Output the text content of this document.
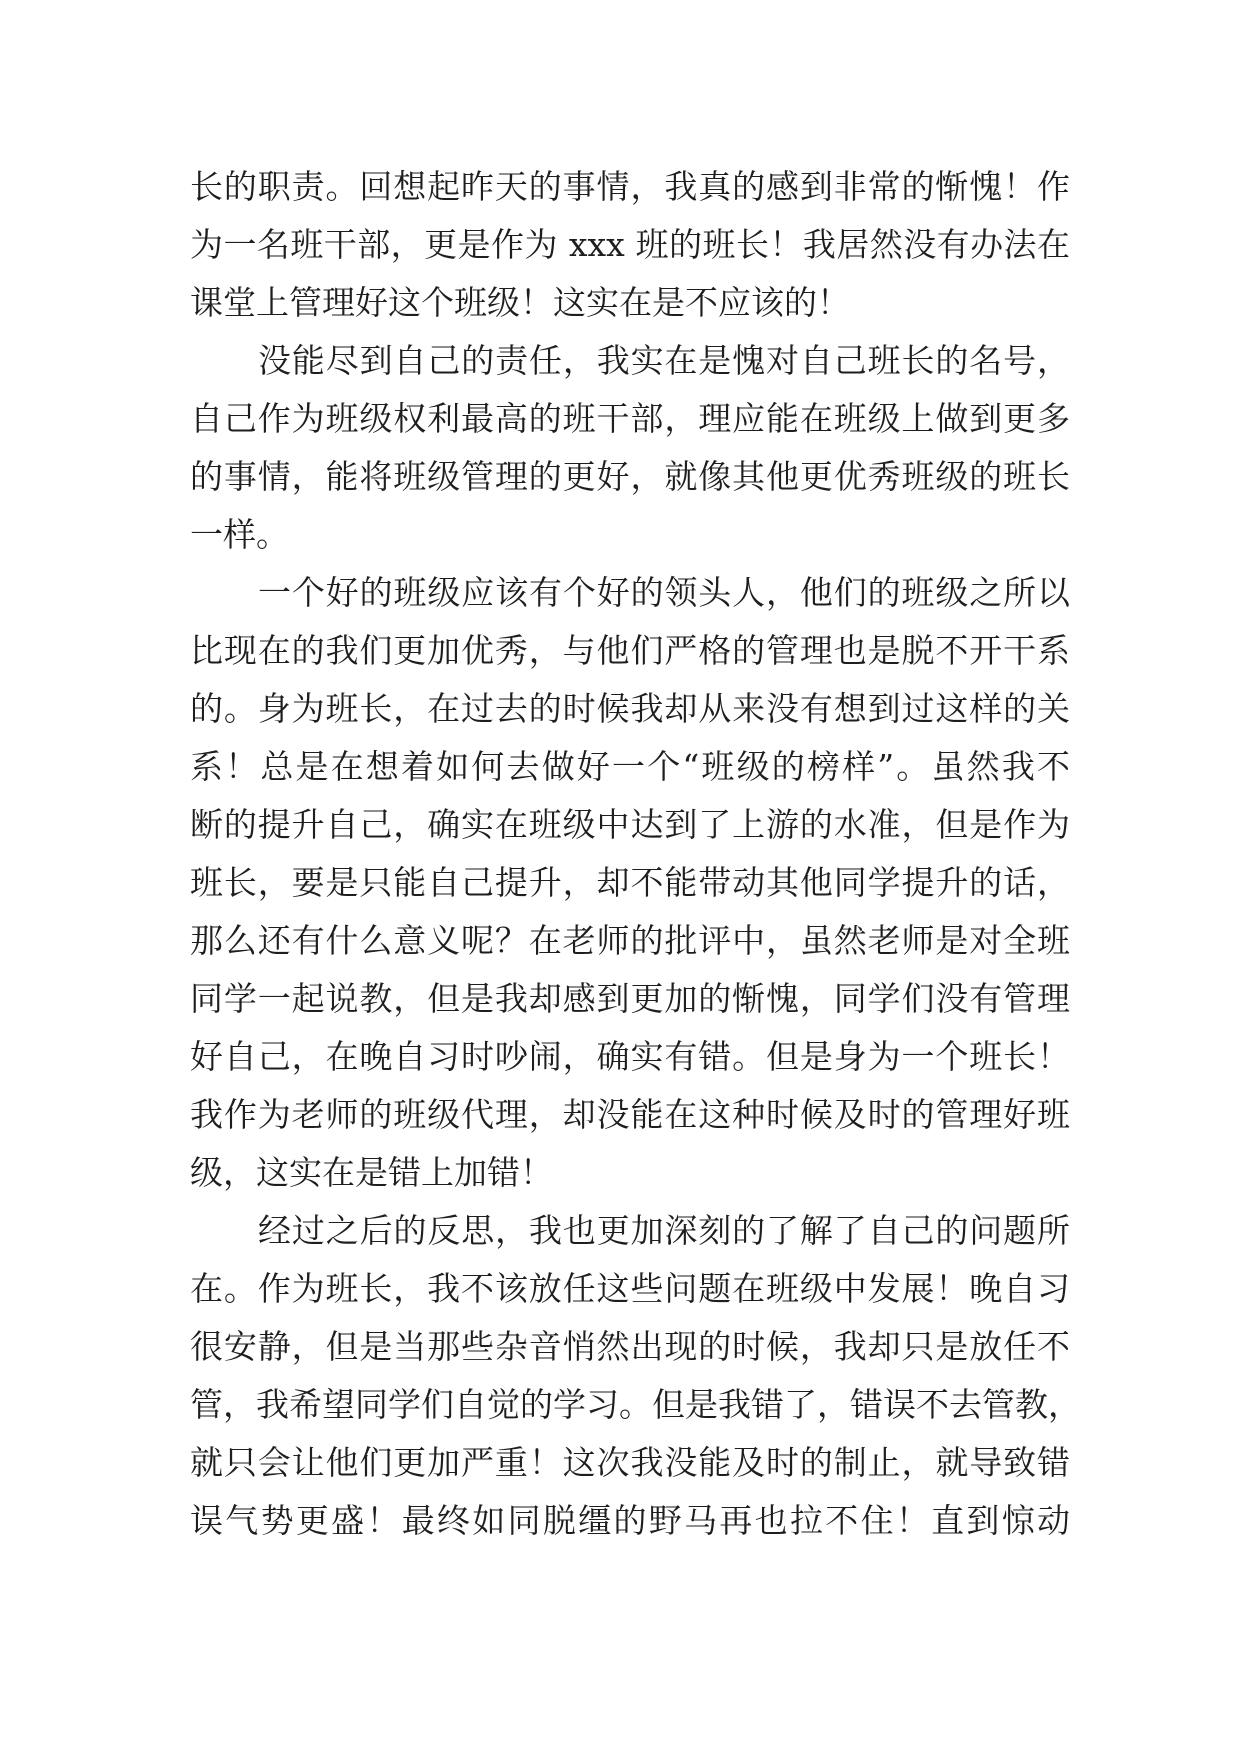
长的职责。回想起昨天的事情，我真的感到非常的惭愧！作
为一名班干部，更是作为 xxx 班的班长！我居然没有办法在
课堂上管理好这个班级！这实在是不应该的！
没能尽到自己的责任，我实在是愧对自己班长的名号，
自己作为班级权利最高的班干部，理应能在班级上做到更多
的事情，能将班级管理的更好，就像其他更优秀班级的班长
一样。
一个好的班级应该有个好的领头人，他们的班级之所以
比现在的我们更加优秀，与他们严格的管理也是脱不开干系
的。身为班长，在过去的时候我却从来没有想到过这样的关
系！总是在想着如何去做好一个“班级的榜样”。虽然我不
断的提升自己，确实在班级中达到了上游的水准，但是作为
班长，要是只能自己提升，却不能带动其他同学提升的话，
那么还有什么意义呢？在老师的批评中，虽然老师是对全班
同学一起说教，但是我却感到更加的惭愧，同学们没有管理
好自己，在晚自习时吵闹，确实有错。但是身为一个班长！
我作为老师的班级代理，却没能在这种时候及时的管理好班
级，这实在是错上加错！
经过之后的反思，我也更加深刻的了解了自己的问题所
在。作为班长，我不该放任这些问题在班级中发展！晚自习
很安静，但是当那些杂音悄然出现的时候，我却只是放任不
管，我希望同学们自觉的学习。但是我错了，错误不去管教，
就只会让他们更加严重！这次我没能及时的制止，就导致错
误气势更盛！最终如同脱缰的野马再也拉不住！直到惊动
